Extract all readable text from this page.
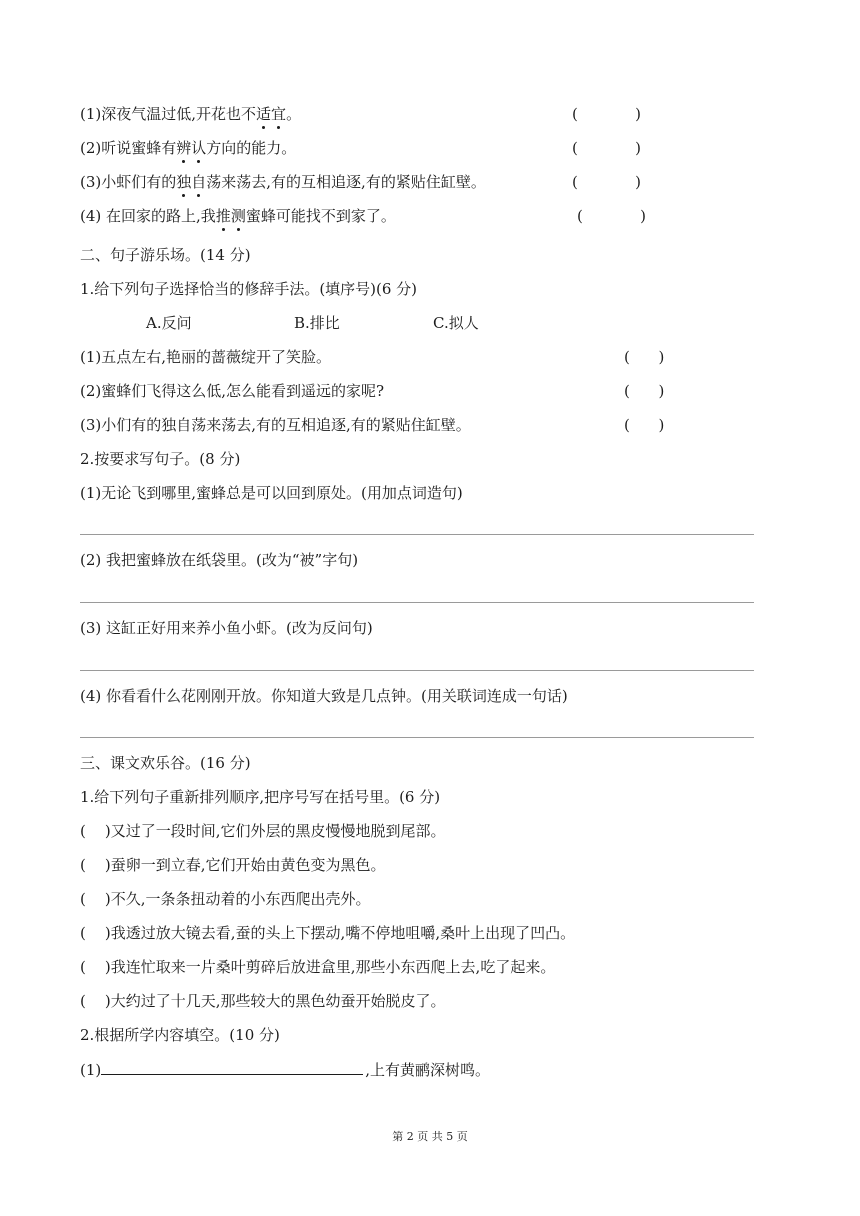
(1)深夜气温过低,开花也不适宜。	(            )
(2)听说蜜蜂有辨认方向的能力。	(            )
(3)小虾们有的独自荡来荡去,有的互相追逐,有的紧贴住缸壁。	(            )
(4) 在回家的路上,我推测蜜蜂可能找不到家了。	(            )
二、句子游乐场。(14 分)
1.给下列句子选择恰当的修辞手法。(填序号)(6 分)
A.反问	B.排比	C.拟人
(1)五点左右,艳丽的蔷薇绽开了笑脸。	(      )
(2)蜜蜂们飞得这么低,怎么能看到遥远的家呢?	(      )
(3)小们有的独自荡来荡去,有的互相追逐,有的紧贴住缸壁。	(      )
2.按要求写句子。(8 分)
(1)无论飞到哪里,蜜蜂总是可以回到原处。(用加点词造句)
(2) 我把蜜蜂放在纸袋里。(改为“被”字句)
(3) 这缸正好用来养小鱼小虾。(改为反问句)
(4) 你看看什么花刚刚开放。你知道大致是几点钟。(用关联词连成一句话)
三、课文欢乐谷。(16 分)
1.给下列句子重新排列顺序,把序号写在括号里。(6 分)
(    )又过了一段时间,它们外层的黑皮慢慢地脱到尾部。
(    )蚕卵一到立春,它们开始由黄色变为黑色。
(    )不久,一条条扭动着的小东西爬出壳外。
(    )我透过放大镜去看,蚕的头上下摆动,嘴不停地咀嚼,桑叶上出现了凹凸。
(    )我连忙取来一片桑叶剪碎后放进盒里,那些小东西爬上去,吃了起来。
(    )大约过了十几天,那些较大的黑色幼蚕开始脱皮了。
2.根据所学内容填空。(10 分)
(1)	,上有黄鹂深树鸣。
第 2 页 共 5 页
